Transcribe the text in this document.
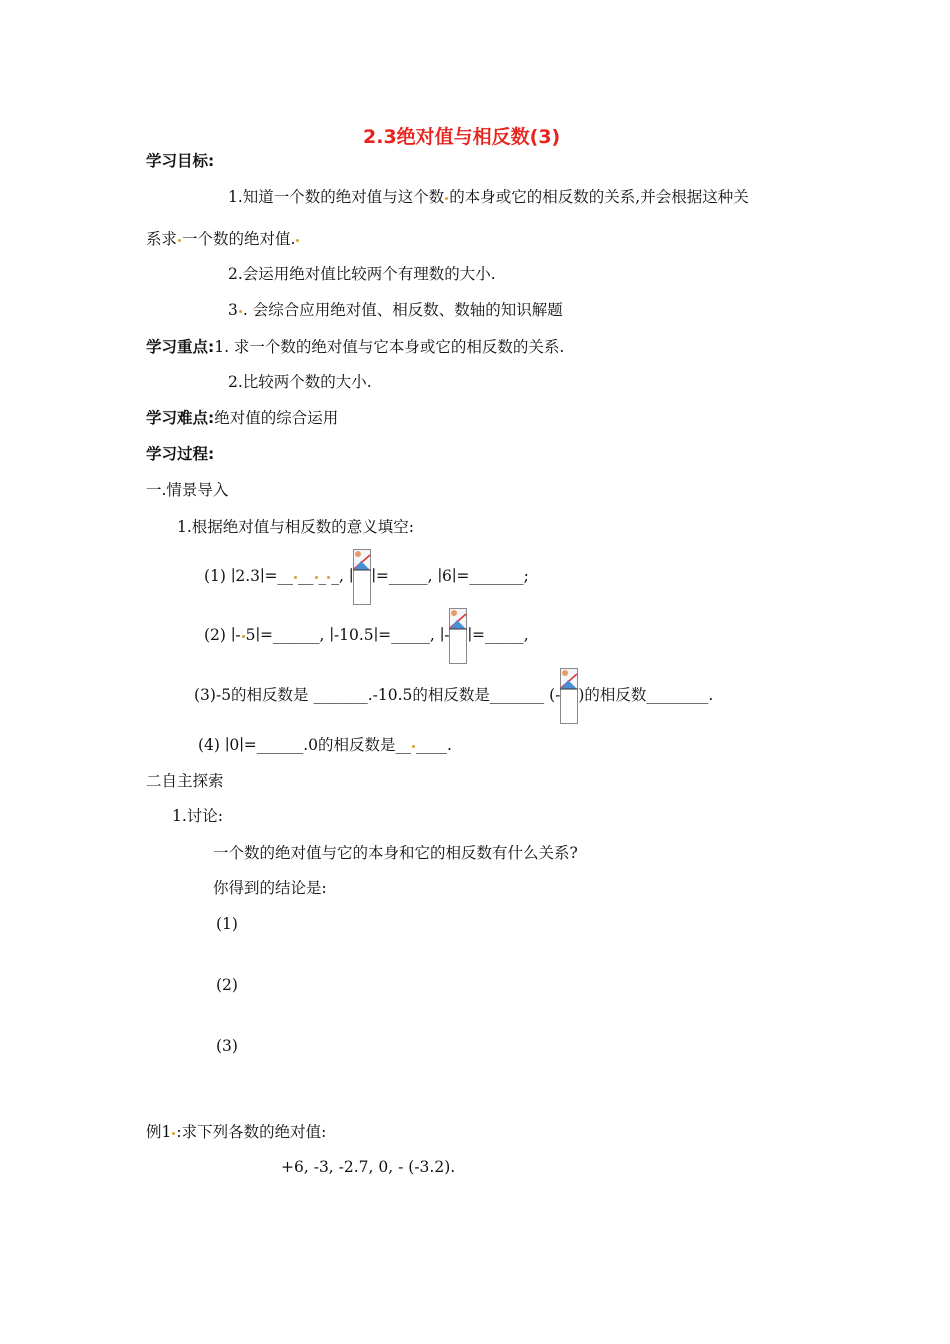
2.3绝对值与相反数(3)
学习目标:
1.知道一个数的绝对值与这个数 的本身或它的相反数的关系,并会根据这种关
系求 一个数的绝对值.
2.会运用绝对值比较两个有理数的大小.
3 . 会综合应用绝对值、相反数、数轴的知识解题
学习重点:1. 求一个数的绝对值与它本身或它的相反数的关系.
2.比较两个数的大小.
学习难点:绝对值的综合运用
学习过程:
一.情景导入
1.根据绝对值与相反数的意义填空:
(1) ∣2.3∣=__ __ _ _, ∣ ∣=_____, ∣6∣=_______;
(2) ∣- 5∣=______, ∣-10.5∣=_____, ∣- ∣=_____,
(3)-5的相反数是 _______.-10.5的相反数是_______ (- )的相反数________.
(4) ∣0∣=______.0的相反数是__ ____.
二自主探索
1.讨论:
一个数的绝对值与它的本身和它的相反数有什么关系?
你得到的结论是:
(1)
(2)
(3)
例1 :求下列各数的绝对值:
+6, -3, -2.7, 0, - (-3.2).
